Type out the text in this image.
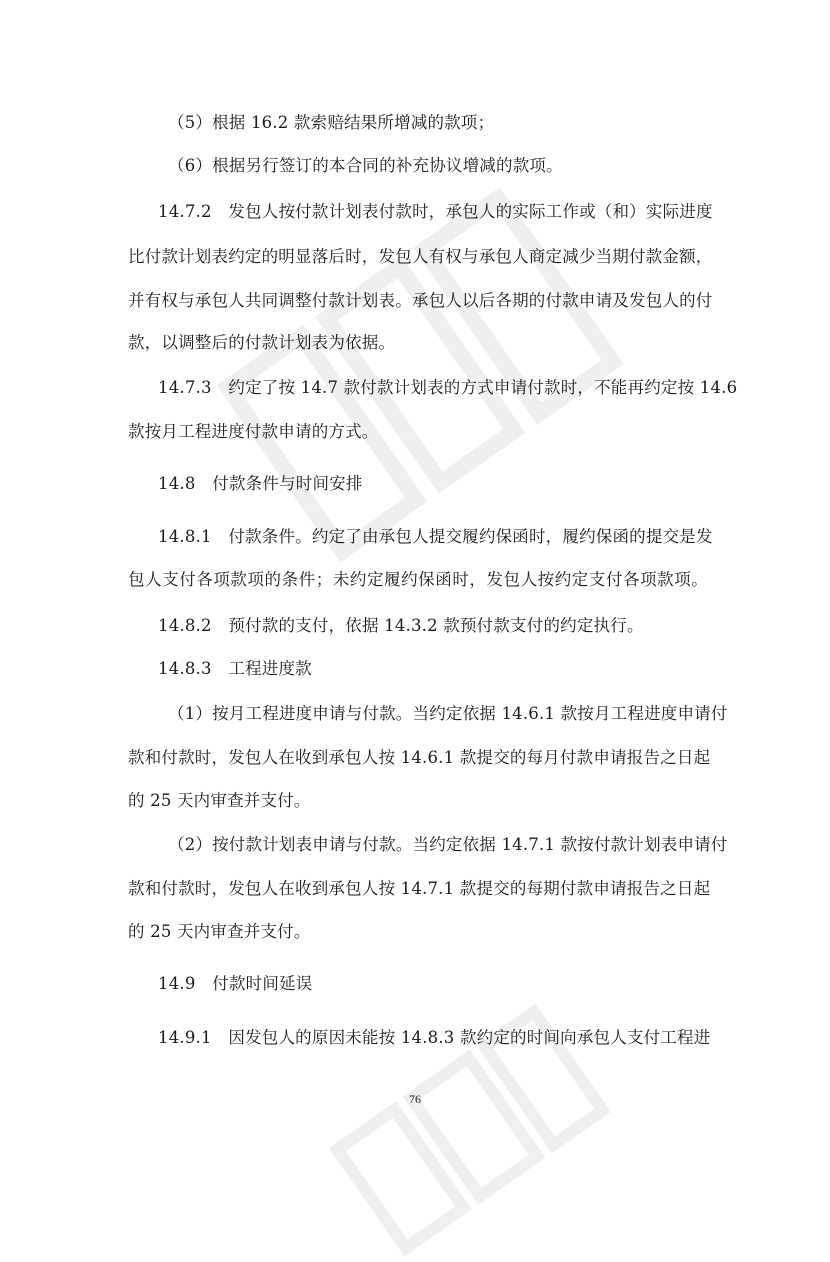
（5）根据 16.2 款索赔结果所增减的款项；
（6）根据另行签订的本合同的补充协议增减的款项。
14.7.2　发包人按付款计划表付款时，承包人的实际工作或（和）实际进度
比付款计划表约定的明显落后时，发包人有权与承包人商定减少当期付款金额，
并有权与承包人共同调整付款计划表。承包人以后各期的付款申请及发包人的付
款，以调整后的付款计划表为依据。
14.7.3　约定了按 14.7 款付款计划表的方式申请付款时，不能再约定按 14.6
款按月工程进度付款申请的方式。
14.8　付款条件与时间安排
14.8.1　付款条件。约定了由承包人提交履约保函时，履约保函的提交是发
包人支付各项款项的条件；未约定履约保函时，发包人按约定支付各项款项。
14.8.2　预付款的支付，依据 14.3.2 款预付款支付的约定执行。
14.8.3　工程进度款
（1）按月工程进度申请与付款。当约定依据 14.6.1 款按月工程进度申请付
款和付款时，发包人在收到承包人按 14.6.1 款提交的每月付款申请报告之日起
的 25 天内审查并支付。
（2）按付款计划表申请与付款。当约定依据 14.7.1 款按付款计划表申请付
款和付款时，发包人在收到承包人按 14.7.1 款提交的每期付款申请报告之日起
的 25 天内审查并支付。
14.9　付款时间延误
14.9.1　因发包人的原因未能按 14.8.3 款约定的时间向承包人支付工程进
76
